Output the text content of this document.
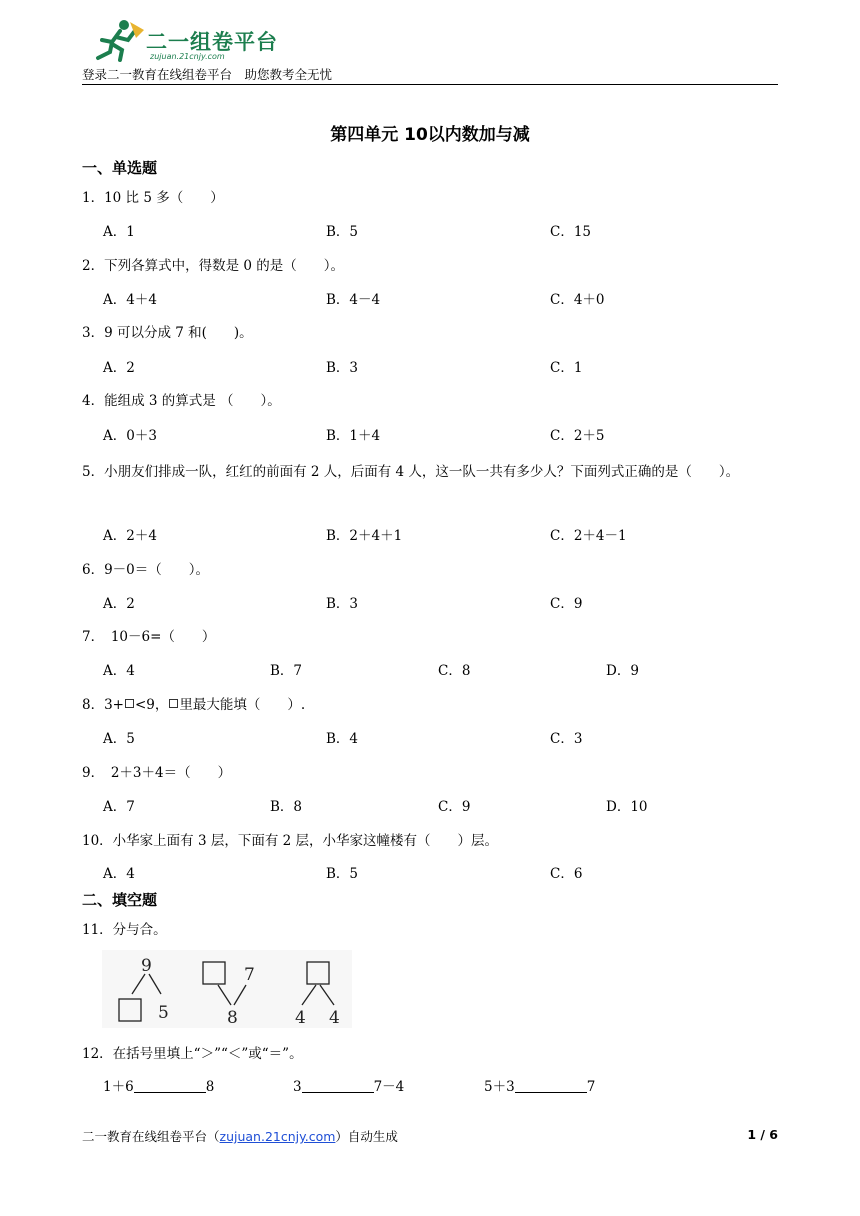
二一组卷平台
zujuan.21cnjy.com
登录二一教育在线组卷平台　助您教考全无忧
第四单元 10以内数加与减
一、单选题
1．10 比 5 多（　　）
A．1	B．5	C．15
2．下列各算式中，得数是 0 的是（　　）。
A．4＋4	B．4－4	C．4＋0
3．9 可以分成 7 和(　　)。
A．2	B．3	C．1
4．能组成 3 的算式是 （　　）。
A．0＋3	B．1＋4	C．2＋5
5．小朋友们排成一队，红红的前面有 2 人，后面有 4 人，这一队一共有多少人？下面列式正确的是（　　）。
A．2＋4	B．2＋4＋1	C．2＋4－1
6．9－0＝（　　）。
A．2	B．3	C．9
7．　10－6=（　　）
A．4	B．7	C．8	D．9
8．3+ <9， 里最大能填（　　）.
A．5	B．4	C．3
9．　2＋3＋4＝（　　）
A．7	B．8	C．9	D．10
10．小华家上面有 3 层，下面有 2 层，小华家这幢楼有（　　）层。
A．4	B．5	C．6
二、填空题
11．分与合。
9
5
7
8	4 4
12．在括号里填上“＞”“＜”或“＝”。
1＋6	8	3	7－4	5＋3	7
二一教育在线组卷平台（zujuan.21cnjy.com）自动生成	1 / 6
